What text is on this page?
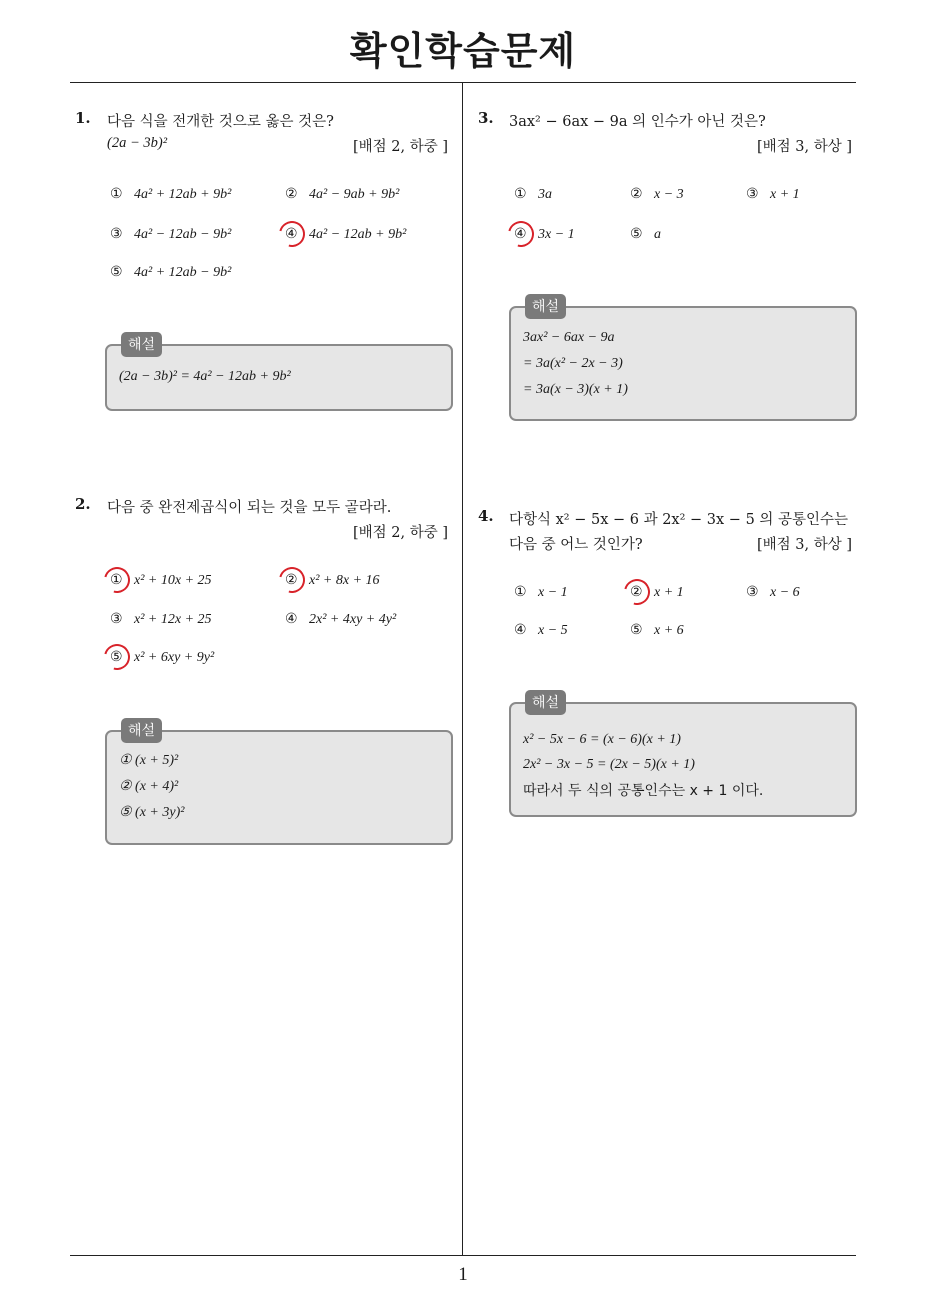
확인학습문제
1
1. 다음 식을 전개한 것으로 옳은 것은?
(2a − 3b)²	[배점 2, 하중 ]
① 4a² + 12ab + 9b²	② 4a² − 9ab + 9b²
③ 4a² − 12ab − 9b²	④ 4a² − 12ab + 9b²
⑤ 4a² + 12ab − 9b²
해설
(2a − 3b)² = 4a² − 12ab + 9b²
2. 다음 중 완전제곱식이 되는 것을 모두 골라라.
[배점 2, 하중 ]
① x² + 10x + 25	② x² + 8x + 16
③ x² + 12x + 25	④ 2x² + 4xy + 4y²
⑤ x² + 6xy + 9y²
해설
① (x + 5)²
② (x + 4)²
⑤ (x + 3y)²
3. 3ax² − 6ax − 9a 의 인수가 아닌 것은?
[배점 3, 하상 ]
① 3a	② x − 3	③ x + 1
④ 3x − 1	⑤ a
해설
3ax² − 6ax − 9a
= 3a(x² − 2x − 3)
= 3a(x − 3)(x + 1)
4. 다항식 x² − 5x − 6 과 2x² − 3x − 5 의 공통인수는
다음 중 어느 것인가?	[배점 3, 하상 ]
① x − 1	② x + 1	③ x − 6
④ x − 5	⑤ x + 6
해설
x² − 5x − 6 = (x − 6)(x + 1)
2x² − 3x − 5 = (2x − 5)(x + 1)
따라서 두 식의 공통인수는 x + 1 이다.
